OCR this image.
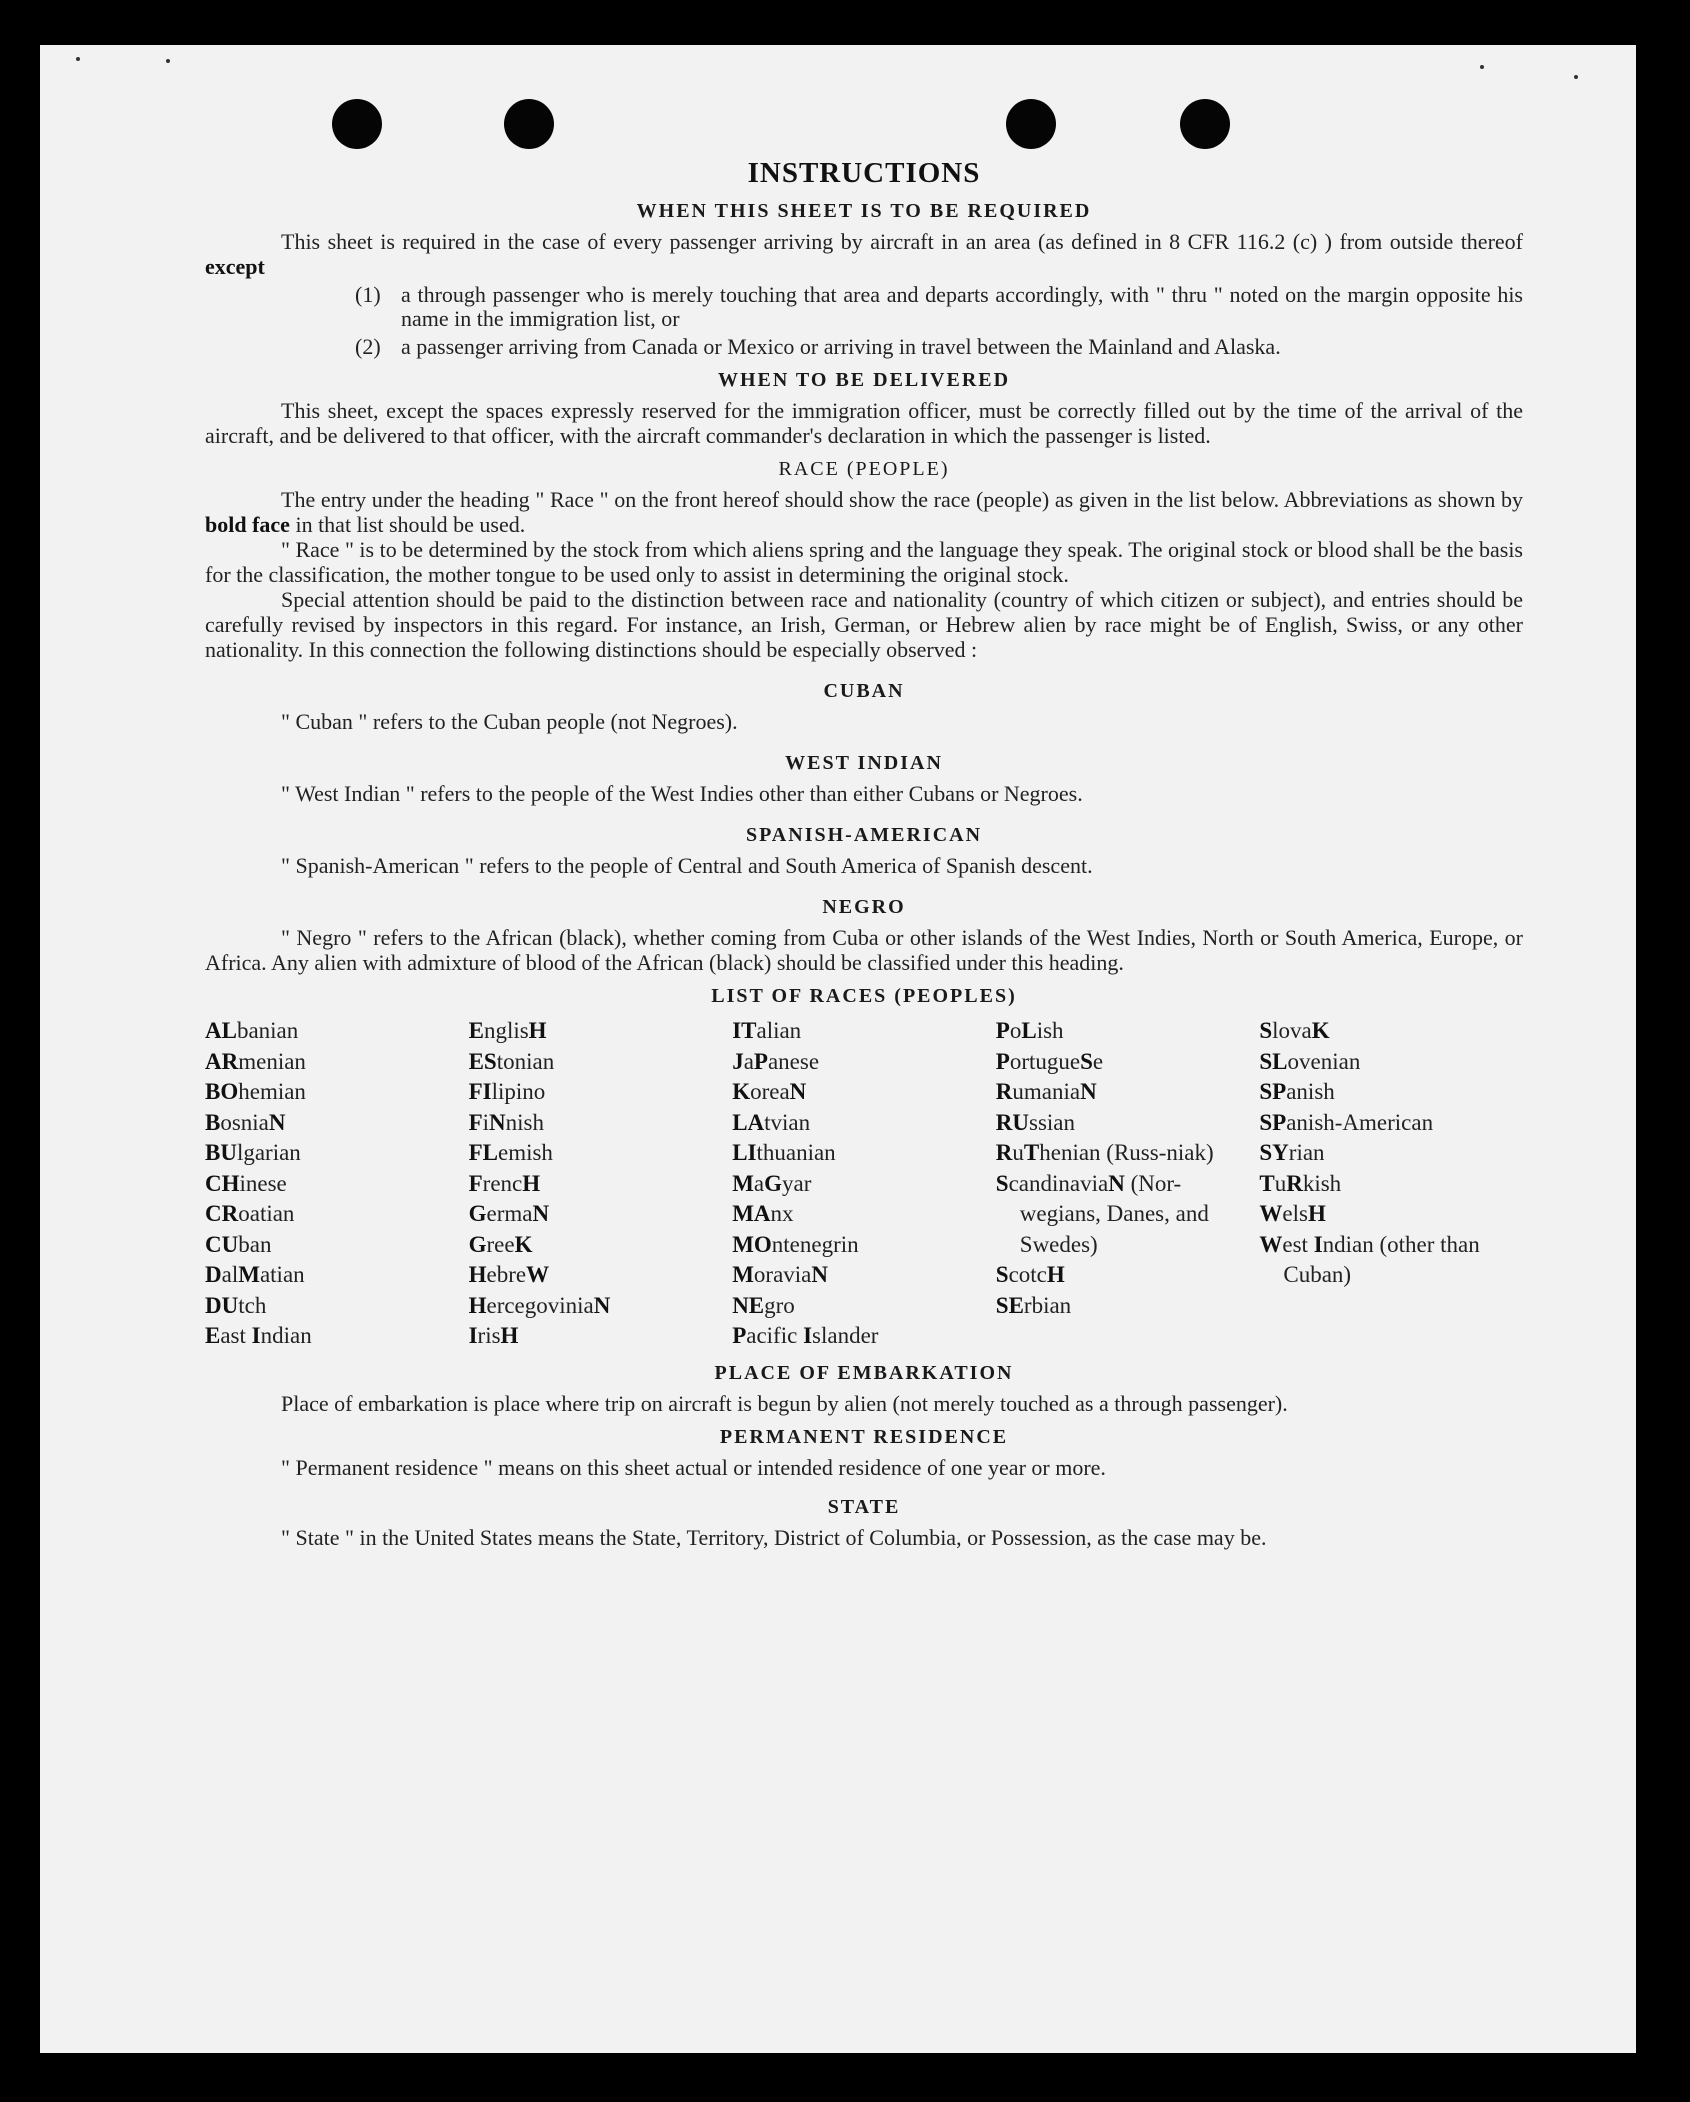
INSTRUCTIONS
WHEN THIS SHEET IS TO BE REQUIRED

This sheet is required in the case of every passenger arriving by aircraft in an area (as defined in 8 CFR 116.2 (c) ) from outside thereof except

(1) a through passenger who is merely touching that area and departs accordingly, with " thru " noted on the margin opposite his name in the immigration list, or
(2) a passenger arriving from Canada or Mexico or arriving in travel between the Mainland and Alaska.
WHEN TO BE DELIVERED

This sheet, except the spaces expressly reserved for the immigration officer, must be correctly filled out by the time of the arrival of the aircraft, and be delivered to that officer, with the aircraft commander's declaration in which the passenger is listed.

RACE (PEOPLE)

The entry under the heading " Race " on the front hereof should show the race (people) as given in the list below. Abbreviations as shown by bold face in that list should be used.

" Race " is to be determined by the stock from which aliens spring and the language they speak. The original stock or blood shall be the basis for the classification, the mother tongue to be used only to assist in determining the original stock.

Special attention should be paid to the distinction between race and nationality (country of which citizen or subject), and entries should be carefully revised by inspectors in this regard. For instance, an Irish, German, or Hebrew alien by race might be of English, Swiss, or any other nationality. In this connection the following distinctions should be especially observed :

CUBAN

" Cuban " refers to the Cuban people (not Negroes).

WEST INDIAN

" West Indian " refers to the people of the West Indies other than either Cubans or Negroes.

SPANISH-AMERICAN

" Spanish-American " refers to the people of Central and South America of Spanish descent.

NEGRO

" Negro " refers to the African (black), whether coming from Cuba or other islands of the West Indies, North or South America, Europe, or Africa. Any alien with admixture of blood of the African (black) should be classified under this heading.

LIST OF RACES (PEOPLES)
ALbanian
ARmenian
BOhemian
BosniaN
BUlgarian
CHinese
CRoatian
CUban
DalMatian
DUtch
East Indian
EnglisH
EStonian
FIlipino
FiNnish
FLemish
FrencH
GermaN
GreeK
HebreW
HercegoviniaN
IrisH
ITalian
JaPanese
KoreaN
LAtvian
LIthuanian
MaGyar
MAnx
MOntenegrin
MoraviaN
NEgro
Pacific Islander
PoLish
PortugueSe
RumaniaN
RUssian
RuThenian (Russ-niak)
ScandinaviaN (Nor-wegians, Danes, and Swedes)
ScotcH
SErbian
SlovaK
SLovenian
SPanish
SPanish-American
SYrian
TuRkish
WelsH
West Indian (other than Cuban)
PLACE OF EMBARKATION

Place of embarkation is place where trip on aircraft is begun by alien (not merely touched as a through passenger).

PERMANENT RESIDENCE

" Permanent residence " means on this sheet actual or intended residence of one year or more.

STATE

" State " in the United States means the State, Territory, District of Columbia, or Possession, as the case may be.
